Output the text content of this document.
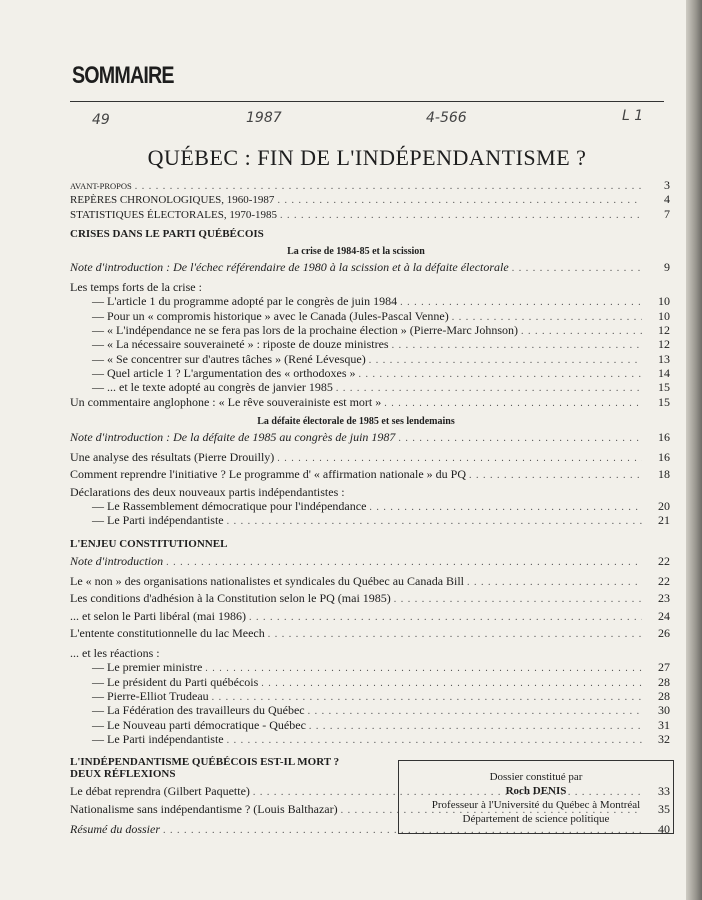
SOMMAIRE
49	1987	4-566	L 1
QUÉBEC : FIN DE L'INDÉPENDANTISME ?
AVANT-PROPOS . . .	3
REPÈRES CHRONOLOGIQUES, 1960-1987 . . .	4
STATISTIQUES ÉLECTORALES, 1970-1985 . . .	7
CRISES DANS LE PARTI QUÉBÉCOIS
La crise de 1984-85 et la scission
Note d'introduction : De l'échec référendaire de 1980 à la scission et à la défaite électorale . . .	9
Les temps forts de la crise :
— L'article 1 du programme adopté par le congrès de juin 1984 . . .	10
— Pour un « compromis historique » avec le Canada (Jules-Pascal Venne) . . .	10
— « L'indépendance ne se fera pas lors de la prochaine élection » (Pierre-Marc Johnson) . . .	12
— « La nécessaire souveraineté » : riposte de douze ministres . . .	12
— « Se concentrer sur d'autres tâches » (René Lévesque) . . .	13
— Quel article 1 ? L'argumentation des « orthodoxes » . . .	14
— ... et le texte adopté au congrès de janvier 1985 . . .	15
Un commentaire anglophone : « Le rêve souverainiste est mort » . . .	15
La défaite électorale de 1985 et ses lendemains
Note d'introduction : De la défaite de 1985 au congrès de juin 1987 . . .	16
Une analyse des résultats (Pierre Drouilly) . . .	16
Comment reprendre l'initiative ? Le programme d' « affirmation nationale » du PQ . . .	18
Déclarations des deux nouveaux partis indépendantistes :
— Le Rassemblement démocratique pour l'indépendance . . .	20
— Le Parti indépendantiste . . .	21
L'ENJEU CONSTITUTIONNEL
Note d'introduction . . .	22
Le « non » des organisations nationalistes et syndicales du Québec au Canada Bill . . .	22
Les conditions d'adhésion à la Constitution selon le PQ (mai 1985) . . .	23
... et selon le Parti libéral (mai 1986) . . .	24
L'entente constitutionnelle du lac Meech . . .	26
... et les réactions :
— Le premier ministre . . .	27
— Le président du Parti québécois . . .	28
— Pierre-Elliot Trudeau . . .	28
— La Fédération des travailleurs du Québec . . .	30
— Le Nouveau parti démocratique - Québec . . .	31
— Le Parti indépendantiste . . .	32
L'INDÉPENDANTISME QUÉBÉCOIS EST-IL MORT ?
DEUX RÉFLEXIONS
Le débat reprendra (Gilbert Paquette) . . .	33
Nationalisme sans indépendantisme ? (Louis Balthazar) . . .	35
Résumé du dossier . . .	40
Dossier constitué par
Roch DENIS
Professeur à l'Université du Québec à Montréal
Département de science politique
